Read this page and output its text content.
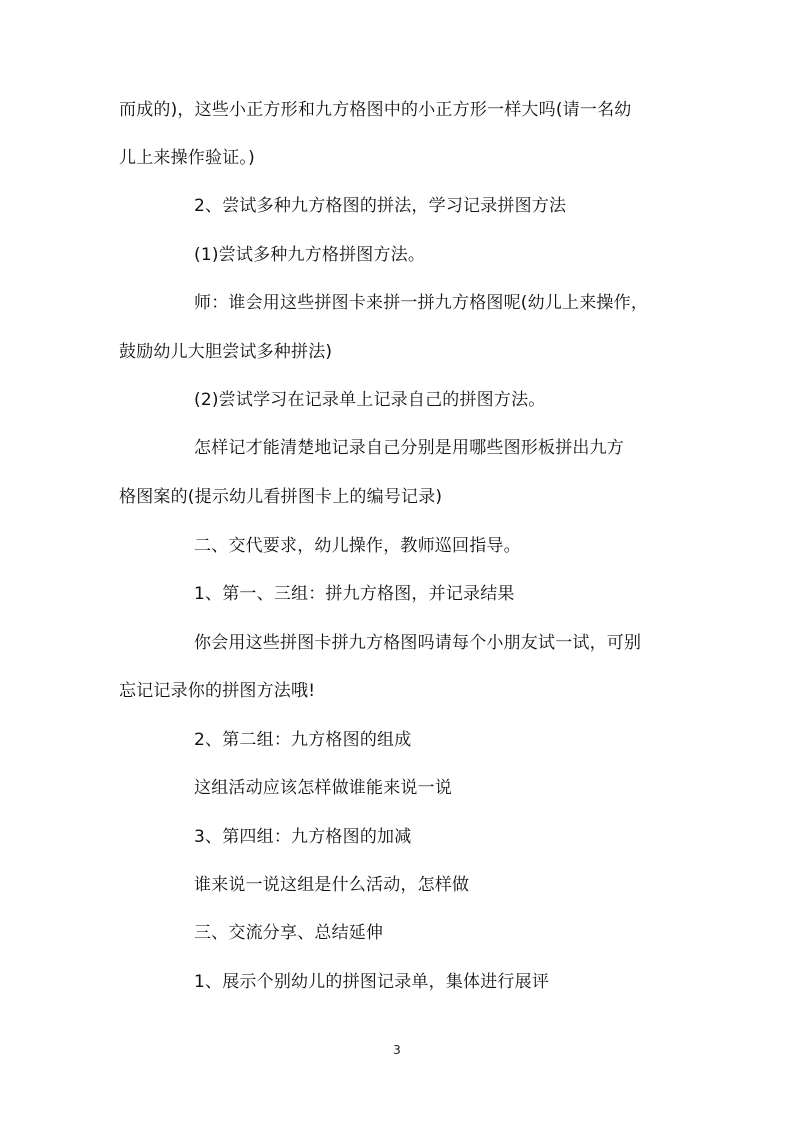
而成的)，这些小正方形和九方格图中的小正方形一样大吗(请一名幼
儿上来操作验证。)
2、尝试多种九方格图的拼法，学习记录拼图方法
(1)尝试多种九方格拼图方法。
师：谁会用这些拼图卡来拼一拼九方格图呢(幼儿上来操作，
鼓励幼儿大胆尝试多种拼法)
(2)尝试学习在记录单上记录自己的拼图方法。
怎样记才能清楚地记录自己分别是用哪些图形板拼出九方
格图案的(提示幼儿看拼图卡上的编号记录)
二、交代要求，幼儿操作，教师巡回指导。
1、第一、三组：拼九方格图，并记录结果
你会用这些拼图卡拼九方格图吗请每个小朋友试一试，可别
忘记记录你的拼图方法哦!
2、第二组：九方格图的组成
这组活动应该怎样做谁能来说一说
3、第四组：九方格图的加减
谁来说一说这组是什么活动，怎样做
三、交流分享、总结延伸
1、展示个别幼儿的拼图记录单，集体进行展评
3
